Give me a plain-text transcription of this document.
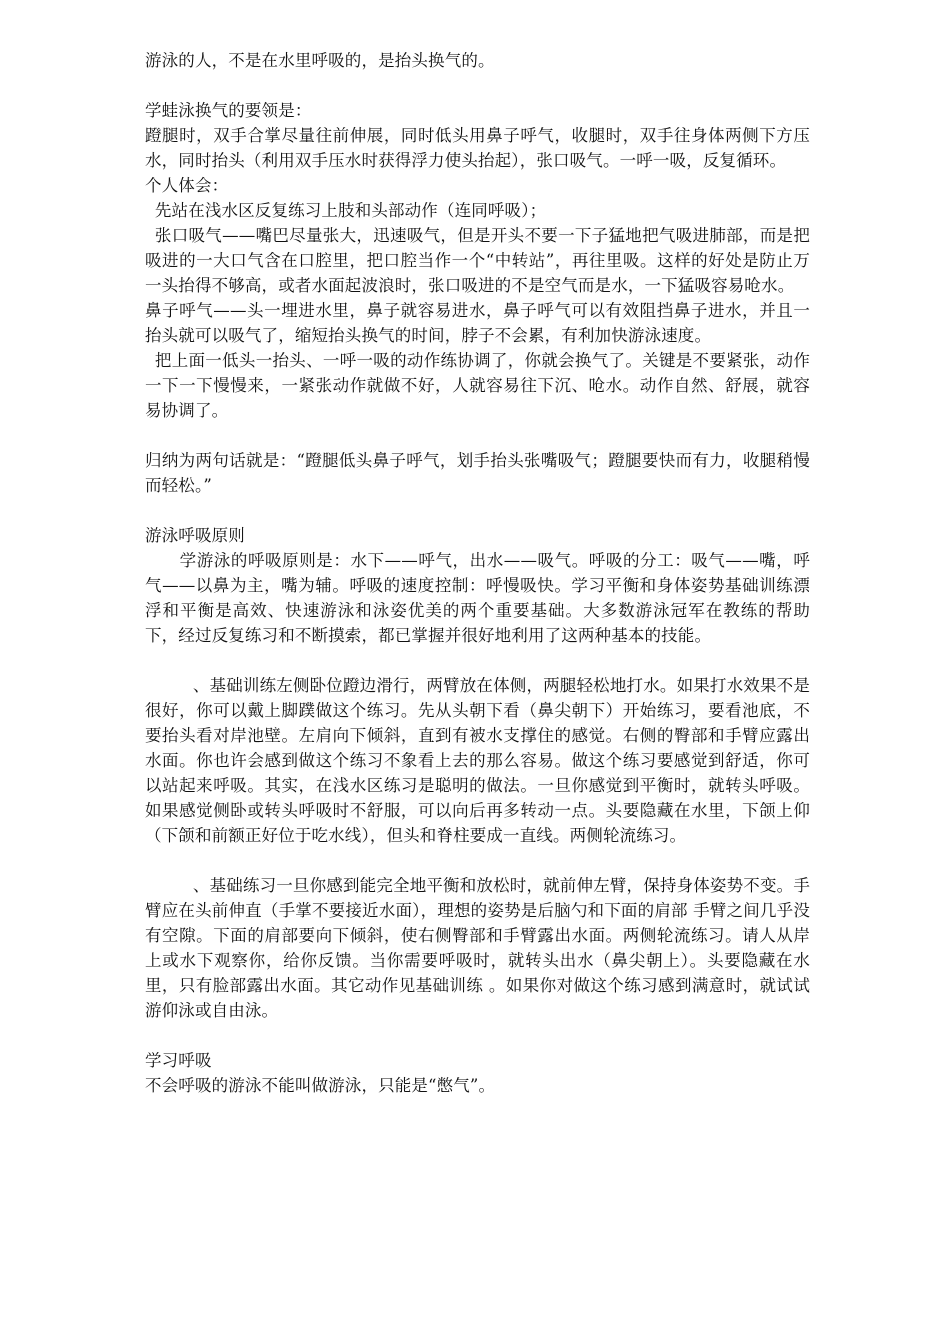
游泳的人，不是在水里呼吸的，是抬头换气的。

学蛙泳换气的要领是：

蹬腿时，双手合掌尽量往前伸展，同时低头用鼻子呼气，收腿时，双手往身体两侧下方压水，同时抬头（利用双手压水时获得浮力使头抬起），张口吸气。一呼一吸，反复循环。

个人体会：

先站在浅水区反复练习上肢和头部动作（连同呼吸）；

张口吸气——嘴巴尽量张大，迅速吸气，但是开头不要一下子猛地把气吸进肺部，而是把吸进的一大口气含在口腔里，把口腔当作一个“中转站”，再往里吸。这样的好处是防止万一头抬得不够高，或者水面起波浪时，张口吸进的不是空气而是水，一下猛吸容易呛水。

鼻子呼气——头一埋进水里，鼻子就容易进水，鼻子呼气可以有效阻挡鼻子进水，并且一抬头就可以吸气了，缩短抬头换气的时间，脖子不会累，有利加快游泳速度。

把上面一低头一抬头、一呼一吸的动作练协调了，你就会换气了。关键是不要紧张，动作一下一下慢慢来，一紧张动作就做不好，人就容易往下沉、呛水。动作自然、舒展，就容易协调了。

归纳为两句话就是：“蹬腿低头鼻子呼气，划手抬头张嘴吸气；蹬腿要快而有力，收腿稍慢而轻松。”

游泳呼吸原则

学游泳的呼吸原则是：水下——呼气，出水——吸气。呼吸的分工：吸气——嘴，呼气——以鼻为主，嘴为辅。呼吸的速度控制：呼慢吸快。学习平衡和身体姿势基础训练漂浮和平衡是高效、快速游泳和泳姿优美的两个重要基础。大多数游泳冠军在教练的帮助下，经过反复练习和不断摸索，都已掌握并很好地利用了这两种基本的技能。

、基础训练左侧卧位蹬边滑行，两臂放在体侧，两腿轻松地打水。如果打水效果不是很好，你可以戴上脚蹼做这个练习。先从头朝下看（鼻尖朝下）开始练习，要看池底，不要抬头看对岸池壁。左肩向下倾斜，直到有被水支撑住的感觉。右侧的臀部和手臂应露出水面。你也许会感到做这个练习不象看上去的那么容易。做这个练习要感觉到舒适，你可以站起来呼吸。其实，在浅水区练习是聪明的做法。一旦你感觉到平衡时，就转头呼吸。如果感觉侧卧或转头呼吸时不舒服，可以向后再多转动一点。头要隐藏在水里，下颌上仰（下颌和前额正好位于吃水线），但头和脊柱要成一直线。两侧轮流练习。

、基础练习一旦你感到能完全地平衡和放松时，就前伸左臂，保持身体姿势不变。手臂应在头前伸直（手掌不要接近水面），理想的姿势是后脑勺和下面的肩部 手臂之间几乎没有空隙。下面的肩部要向下倾斜，使右侧臀部和手臂露出水面。两侧轮流练习。请人从岸上或水下观察你，给你反馈。当你需要呼吸时，就转头出水（鼻尖朝上）。头要隐藏在水里，只有脸部露出水面。其它动作见基础训练 。如果你对做这个练习感到满意时，就试试游仰泳或自由泳。

学习呼吸

不会呼吸的游泳不能叫做游泳，只能是“憋气”。
